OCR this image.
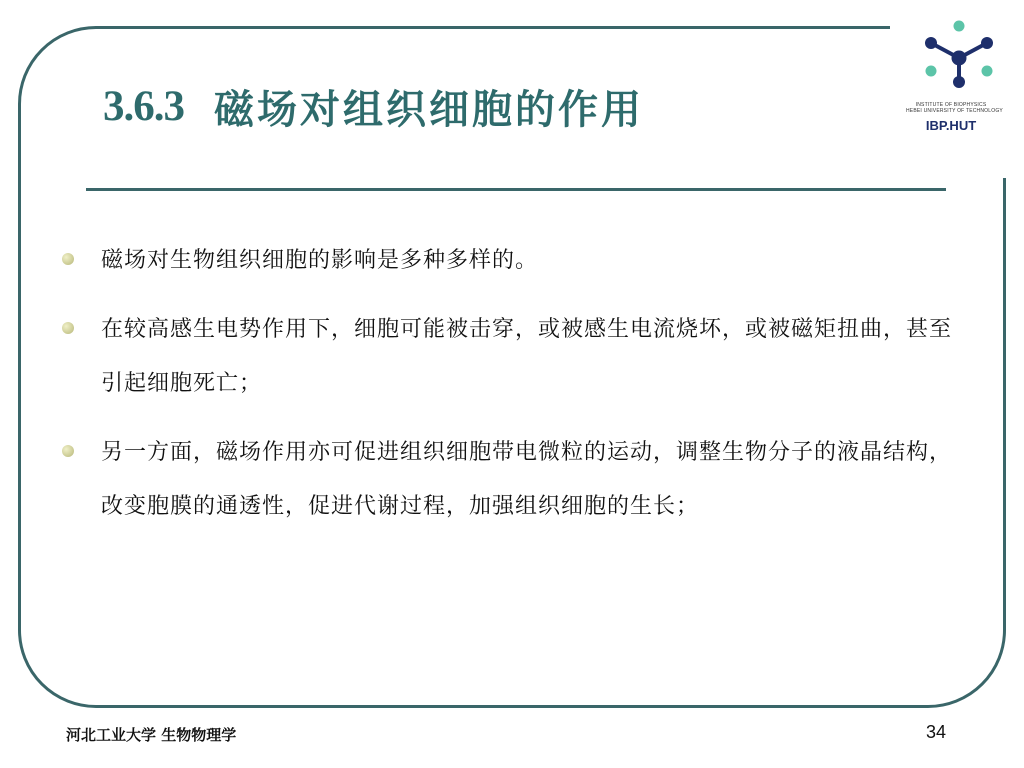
INSTITUTE OF BIOPHYSICS
HEBEI UNIVERSITY OF TECHNOLOGY
IBP.HUT
3.6.3 磁场对组织细胞的作用
磁场对生物组织细胞的影响是多种多样的。
在较高感生电势作用下，细胞可能被击穿，或被感生电流烧坏，或被磁矩扭曲，甚至引起细胞死亡；
另一方面，磁场作用亦可促进组织细胞带电微粒的运动，调整生物分子的液晶结构，改变胞膜的通透性，促进代谢过程，加强组织细胞的生长；
河北工业大学 生物物理学	34
